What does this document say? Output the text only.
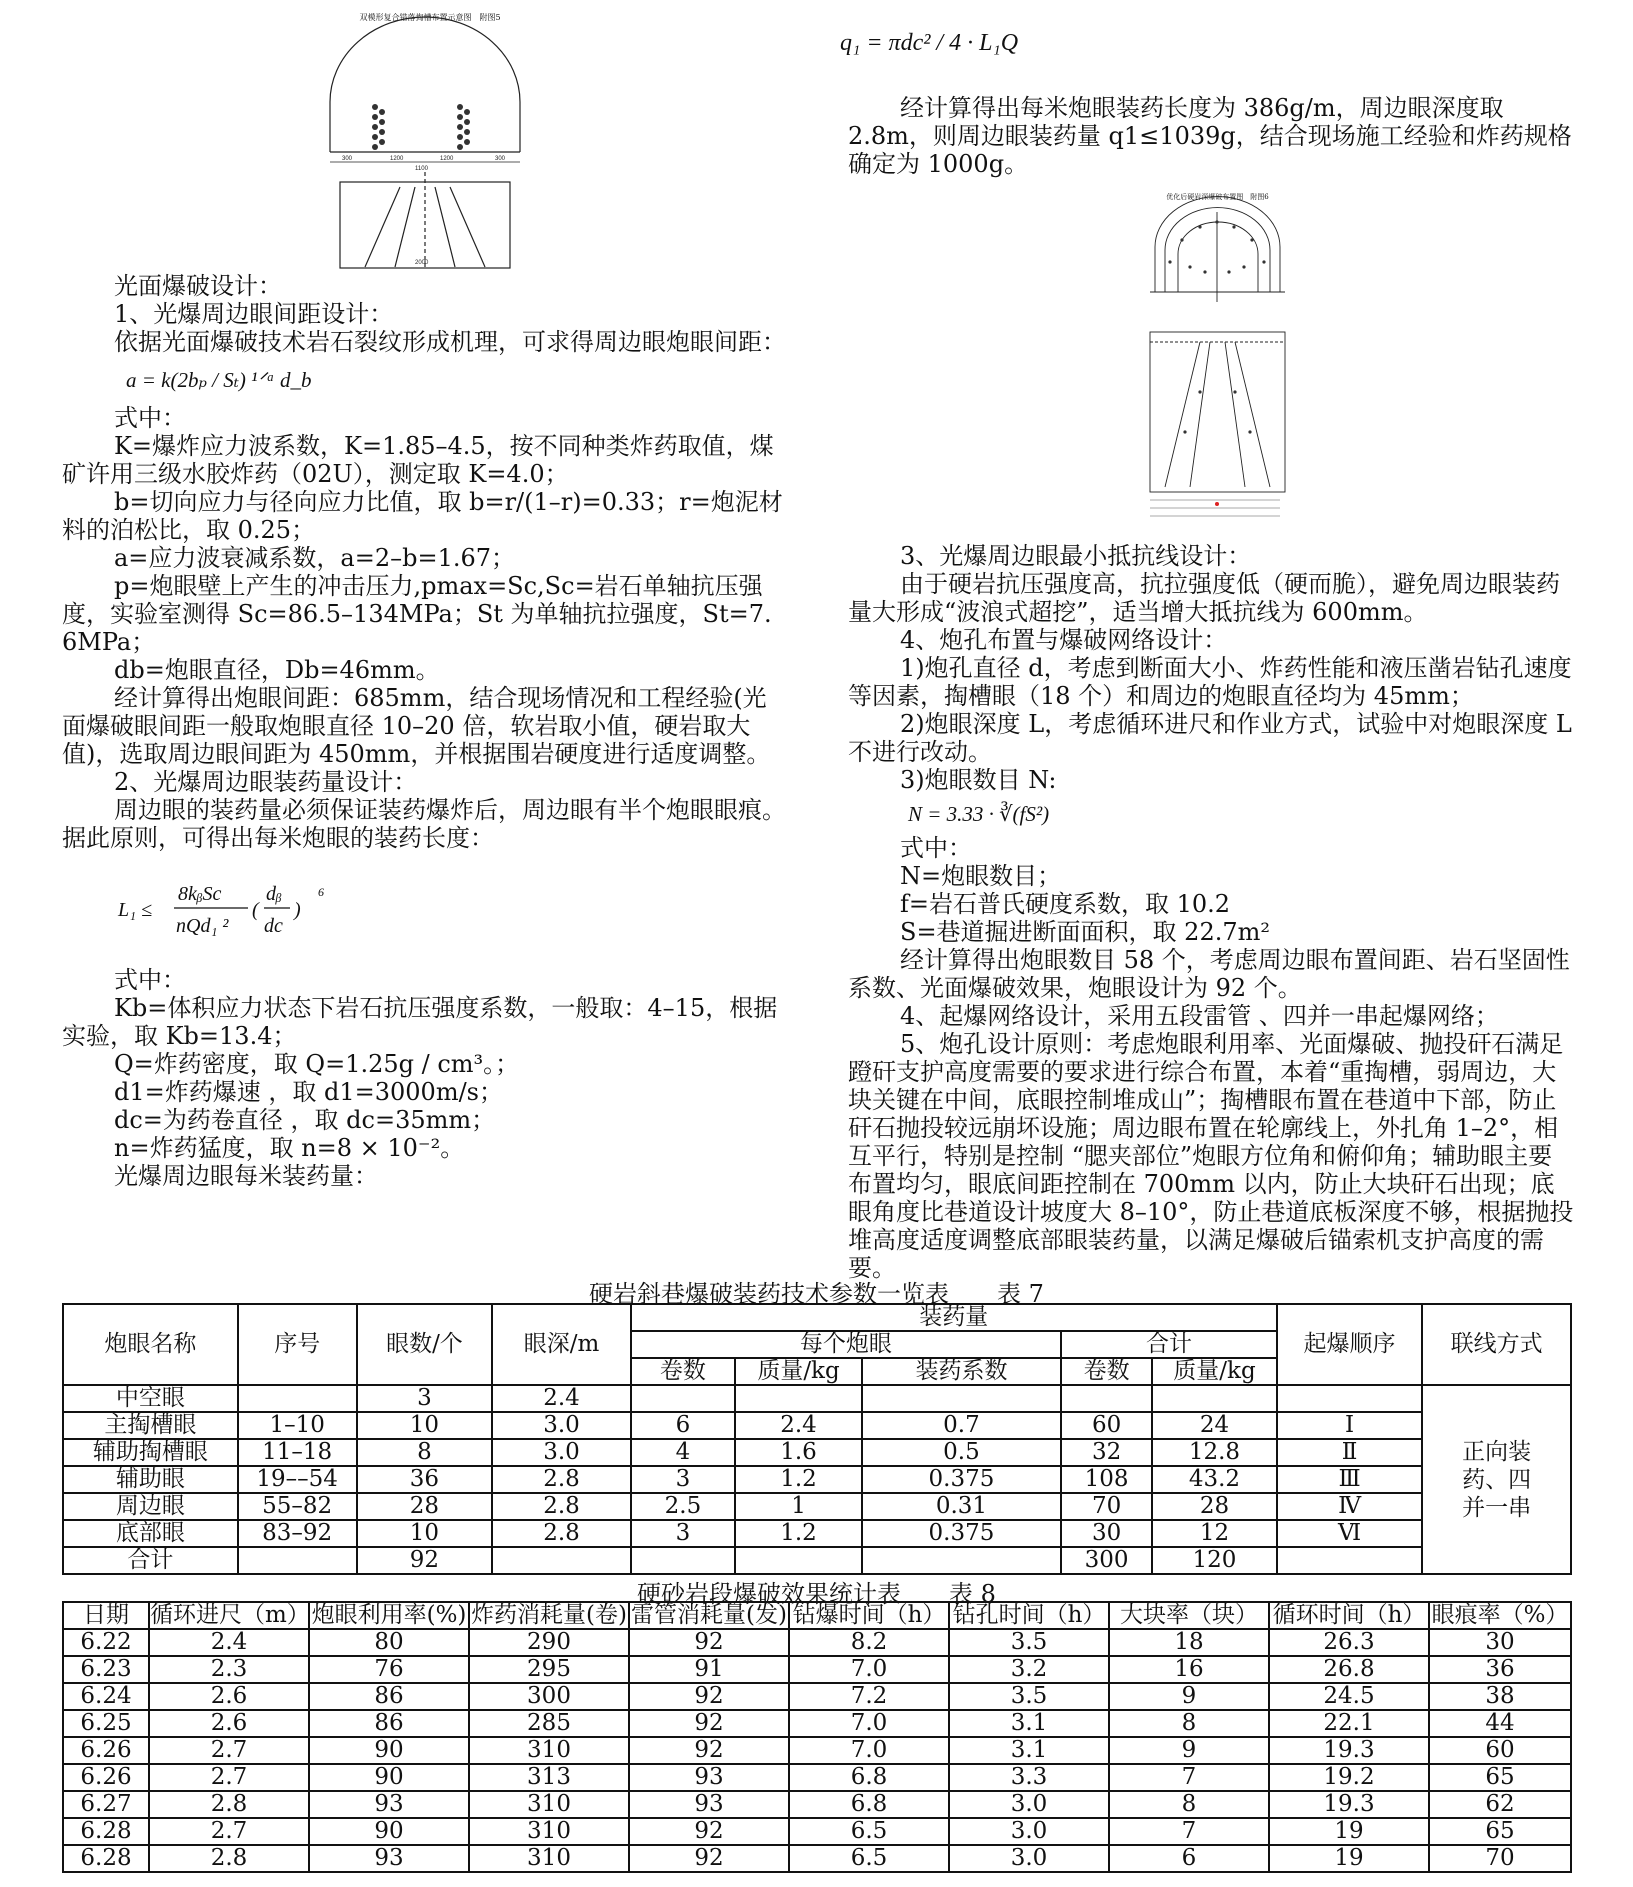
双模形复合错落掏槽布置示意图　附图5
300	1200	1200	300
1100
2000

光面爆破设计：

1、光爆周边眼间距设计：

依据光面爆破技术岩石裂纹形成机理，可求得周边眼炮眼间距：

a = k(2bₚ / Sₜ) ¹ᐟᵃ d_b

式中：

K=爆炸应力波系数，K=1.85–4.5，按不同种类炸药取值，煤矿许用三级水胶炸药（02U），测定取 K=4.0；

b=切向应力与径向应力比值，取 b=r/(1–r)=0.33；r=炮泥材料的泊松比，取 0.25；

a=应力波衰减系数，a=2–b=1.67；

p=炮眼壁上产生的冲击压力,pmax=Sc,Sc=岩石单轴抗压强度，实验室测得 Sc=86.5–134MPa；St 为单轴抗拉强度，St=7. 6MPa；

db=炮眼直径，Db=46mm。

经计算得出炮眼间距：685mm，结合现场情况和工程经验(光面爆破眼间距一般取炮眼直径 10–20 倍，软岩取小值，硬岩取大值)，选取周边眼间距为 450mm，并根据围岩硬度进行适度调整。

2、光爆周边眼装药量设计：

周边眼的装药量必须保证装药爆炸后，周边眼有半个炮眼眼痕。据此原则，可得出每米炮眼的装药长度：

L₁ ≤
8kᵦSc
nQd₁ ²
(
dᵦ
dc
)
6

式中：

Kb=体积应力状态下岩石抗压强度系数，一般取：4–15，根据实验，取 Kb=13.4；

Q=炸药密度，取 Q=1.25g / cm³。；

d1=炸药爆速 ，取 d1=3000m/s；

dc=为药卷直径 ，取 dc=35mm；

n=炸药猛度，取 n=8 × 10⁻²。

光爆周边眼每米装药量：

q₁ = πdc² / 4 · L₁Q

经计算得出每米炮眼装药长度为 386g/m，周边眼深度取 2.8m，则周边眼装药量 q1≤1039g，结合现场施工经验和炸药规格确定为 1000g。

优化后硬岩深爆破布置图　附图6

3、光爆周边眼最小抵抗线设计：

由于硬岩抗压强度高，抗拉强度低（硬而脆），避免周边眼装药量大形成“波浪式超挖”，适当增大抵抗线为 600mm。

4、炮孔布置与爆破网络设计：

1)炮孔直径 d，考虑到断面大小、炸药性能和液压凿岩钻孔速度等因素，掏槽眼（18 个）和周边的炮眼直径均为 45mm；

2)炮眼深度 L，考虑循环进尺和作业方式，试验中对炮眼深度 L 不进行改动。

3)炮眼数目 N:

N = 3.33 · ∛(fS²)

式中：

N=炮眼数目；

f=岩石普氏硬度系数，取 10.2

S=巷道掘进断面面积，取 22.7m²

经计算得出炮眼数目 58 个，考虑周边眼布置间距、岩石坚固性系数、光面爆破效果，炮眼设计为 92 个。

4、起爆网络设计，采用五段雷管 、四并一串起爆网络；

5、炮孔设计原则：考虑炮眼利用率、光面爆破、抛投矸石满足蹬矸支护高度需要的要求进行综合布置，本着“重掏槽，弱周边，大块关键在中间，底眼控制堆成山”；掏槽眼布置在巷道中下部，防止矸石抛投较远崩坏设施；周边眼布置在轮廓线上，外扎角 1–2°，相互平行，特别是控制 “腮夹部位”炮眼方位角和俯仰角；辅助眼主要布置均匀，眼底间距控制在 700mm 以内，防止大块矸石出现；底眼角度比巷道设计坡度大 8–10°，防止巷道底板深度不够，根据抛投堆高度适度调整底部眼装药量，以满足爆破后锚索机支护高度的需要。

硬岩斜巷爆破装药技术参数一览表　　表 7
炮眼名称	序号	眼数/个	眼深/m	装药量					起爆顺序	联线方式
				每个炮眼			合计			
				卷数	质量/kg	装药系数	卷数	质量/kg		
中空眼		3	2.4							正向装药、四并一串

主掏槽眼	1–10	10	3.0	6	2.4	0.7	60	24	Ⅰ	
辅助掏槽眼	11–18	8	3.0	4	1.6	0.5	32	12.8	Ⅱ	
辅助眼	19––54	36	2.8	3	1.2	0.375	108	43.2	Ⅲ	
周边眼	55–82	28	2.8	2.5	1	0.31	70	28	Ⅳ	
底部眼	83–92	10	2.8	3	1.2	0.375	30	12	Ⅵ	
合计		92					300	120		
硬砂岩段爆破效果统计表　　表 8
日期	循环进尺（m）	炮眼利用率(%)	炸药消耗量(卷)	雷管消耗量(发)	钻爆时间（h）	钻孔时间（h）	大块率（块）	循环时间（h）	眼痕率（%）
6.22	2.4	80	290	92	8.2	3.5	18	26.3	30
6.23	2.3	76	295	91	7.0	3.2	16	26.8	36
6.24	2.6	86	300	92	7.2	3.5	9	24.5	38
6.25	2.6	86	285	92	7.0	3.1	8	22.1	44
6.26	2.7	90	310	92	7.0	3.1	9	19.3	60
6.26	2.7	90	313	93	6.8	3.3	7	19.2	65
6.27	2.8	93	310	93	6.8	3.0	8	19.3	62
6.28	2.7	90	310	92	6.5	3.0	7	19	65
6.28	2.8	93	310	92	6.5	3.0	6	19	70
